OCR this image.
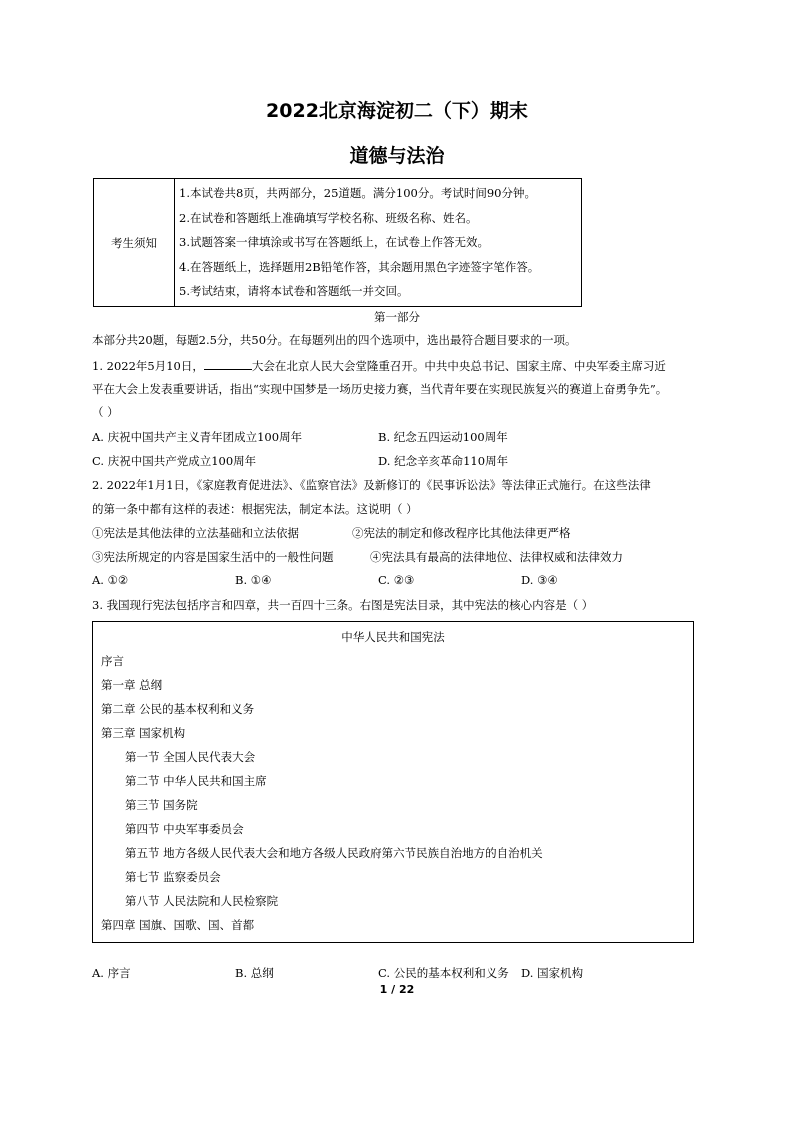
2022北京海淀初二（下）期末
道德与法治
考生须知	
1.本试卷共8页，共两部分，25道题。满分100分。考试时间90分钟。
2.在试卷和答题纸上准确填写学校名称、班级名称、姓名。
3.试题答案一律填涂或书写在答题纸上，在试卷上作答无效。
4.在答题纸上，选择题用2B铅笔作答，其余题用黑色字迹签字笔作答。
5.考试结束，请将本试卷和答题纸一并交回。
第一部分
本部分共20题，每题2.5分，共50分。在每题列出的四个选项中，选出最符合题目要求的一项。
1. 2022年5月10日，	大会在北京人民大会堂隆重召开。中共中央总书记、国家主席、中央军委主席习近
平在大会上发表重要讲话，指出“实现中国梦是一场历史接力赛，当代青年要在实现民族复兴的赛道上奋勇争先”。
（ ）
A. 庆祝中国共产主义青年团成立100周年	B. 纪念五四运动100周年
C. 庆祝中国共产党成立100周年	D. 纪念辛亥革命110周年
2. 2022年1月1日，《家庭教育促进法》、《监察官法》及新修订的《民事诉讼法》等法律正式施行。在这些法律
的第一条中都有这样的表述：根据宪法，制定本法。这说明（ ）
①宪法是其他法律的立法基础和立法依据	②宪法的制定和修改程序比其他法律更严格
③宪法所规定的内容是国家生活中的一般性问题	④宪法具有最高的法律地位、法律权威和法律效力
A. ①②	B. ①④	C. ②③	D. ③④
3. 我国现行宪法包括序言和四章，共一百四十三条。右图是宪法目录，其中宪法的核心内容是（ ）
中华人民共和国宪法
序言
第一章 总纲
第二章 公民的基本权利和义务
第三章 国家机构
第一节 全国人民代表大会
第二节 中华人民共和国主席
第三节 国务院
第四节 中央军事委员会
第五节 地方各级人民代表大会和地方各级人民政府第六节民族自治地方的自治机关
第七节 监察委员会
第八节 人民法院和人民检察院
第四章 国旗、国歌、国、首都
A. 序言	B. 总纲	C. 公民的基本权利和义务 D. 国家机构
1 / 22
